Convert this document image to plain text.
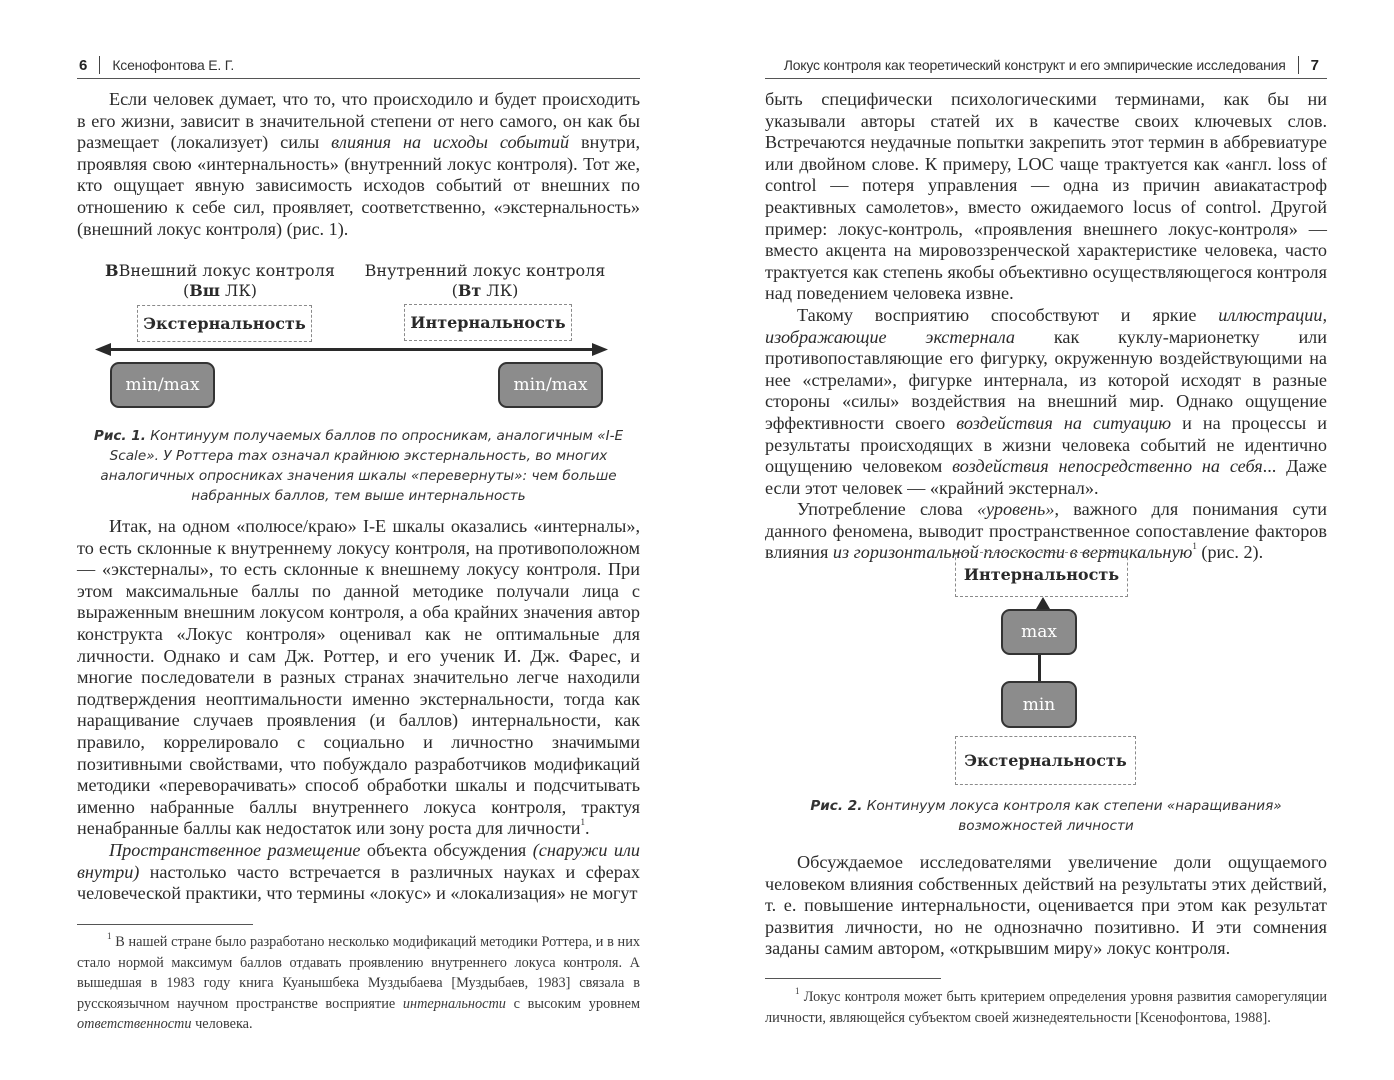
6 Ксенофонтова Е. Г.

Если человек думает, что то, что происходило и будет происходить в его жизни, зависит в значительной степени от него самого, он как бы размещает (локализует) силы влияния на исходы событий внутри, проявляя свою «интернальность» (внутренний локус контроля). Тот же, кто ощущает явную зависимость исходов событий от внешних по отношению к себе сил, проявляет, соответственно, «экстернальность» (внешний локус контроля) (рис. 1).

ВВнешний локус контроля
(Вш ЛК)
Внутренний локус контроля
(Вт ЛК)
Экстернальность	Интернальность
min/max	min/max
Рис. 1. Континуум получаемых баллов по опросникам, аналогичным «I-E Scale». У Роттера max означал крайнюю экстернальность, во многих аналогичных опросниках значения шкалы «перевернуты»: чем больше набранных баллов, тем выше интернальность

Итак, на одном «полюсе/краю» I-E шкалы оказались «интерналы», то есть склонные к внутреннему локусу контроля, на противоположном — «экстерналы», то есть склонные к внешнему локусу контроля. При этом максимальные баллы по данной методике получали лица с выраженным внешним локусом контроля, а оба крайних значения автор конструкта «Локус контроля» оценивал как не оптимальные для личности. Однако и сам Дж. Роттер, и его ученик И. Дж. Фарес, и многие последователи в разных странах значительно легче находили подтверждения неоптимальности именно экстернальности, тогда как наращивание случаев проявления (и баллов) интернальности, как правило, коррелировало с социально и личностно значимыми позитивными свойствами, что побуждало разработчиков модификаций методики «переворачивать» способ обработки шкалы и подсчитывать именно набранные баллы внутреннего локуса контроля, трактуя ненабранные баллы как недостаток или зону роста для личности$^1$.

Пространственное размещение объекта обсуждения (снаружи или внутри) настолько часто встречается в различных науках и сферах человеческой практики, что термины «локус» и «локализация» не могут

$^1$ В нашей стране было разработано несколько модификаций методики Роттера, и в них стало нормой максимум баллов отдавать проявлению внутреннего локуса контроля. А вышедшая в 1983 году книга Куанышбека Муздыбаева [Муздыбаев, 1983] связала в русскоязычном научном пространстве восприятие интернальности с высоким уровнем ответственности человека.

Локус контроля как теоретический конструкт и его эмпирические исследования 7

быть специфически психологическими терминами, как бы ни указывали авторы статей их в качестве своих ключевых слов. Встречаются неудачные попытки закрепить этот термин в аббревиатуре или двойном слове. К примеру, LOC чаще трактуется как «англ. loss of control — потеря управления — одна из причин авиакатастроф реактивных самолетов», вместо ожидаемого locus of control. Другой пример: локус-контроль, «проявления внешнего локус-контроля» — вместо акцента на мировоззренческой характеристике человека, часто трактуется как степень якобы объективно осуществляющегося контроля над поведением человека извне.

Такому восприятию способствуют и яркие иллюстрации, изображающие экстернала как куклу-марионетку или противопоставляющие его фигурку, окруженную воздействующими на нее «стрелами», фигурке интернала, из которой исходят в разные стороны «силы» воздействия на внешний мир. Однако ощущение эффективности своего воздействия на ситуацию и на процессы и результаты происходящих в жизни человека событий не идентично ощущению человеком воздействия непосредственно на себя... Даже если этот человек — «крайний экстернал».

Употребление слова «уровень», важного для понимания сути данного феномена, выводит пространственное сопоставление факторов влияния из горизонтальной плоскости в вертикальную$^1$ (рис. 2).

Интернальность
max
min
Экстернальность
Рис. 2. Континуум локуса контроля как степени «наращивания» возможностей личности

Обсуждаемое исследователями увеличение доли ощущаемого человеком влияния собственных действий на результаты этих действий, т. е. повышение интернальности, оценивается при этом как результат развития личности, но не однозначно позитивно. И эти сомнения заданы самим автором, «открывшим миру» локус контроля.

$^1$ Локус контроля может быть критерием определения уровня развития саморегуляции личности, являющейся субъектом своей жизнедеятельности [Ксенофонтова, 1988].
